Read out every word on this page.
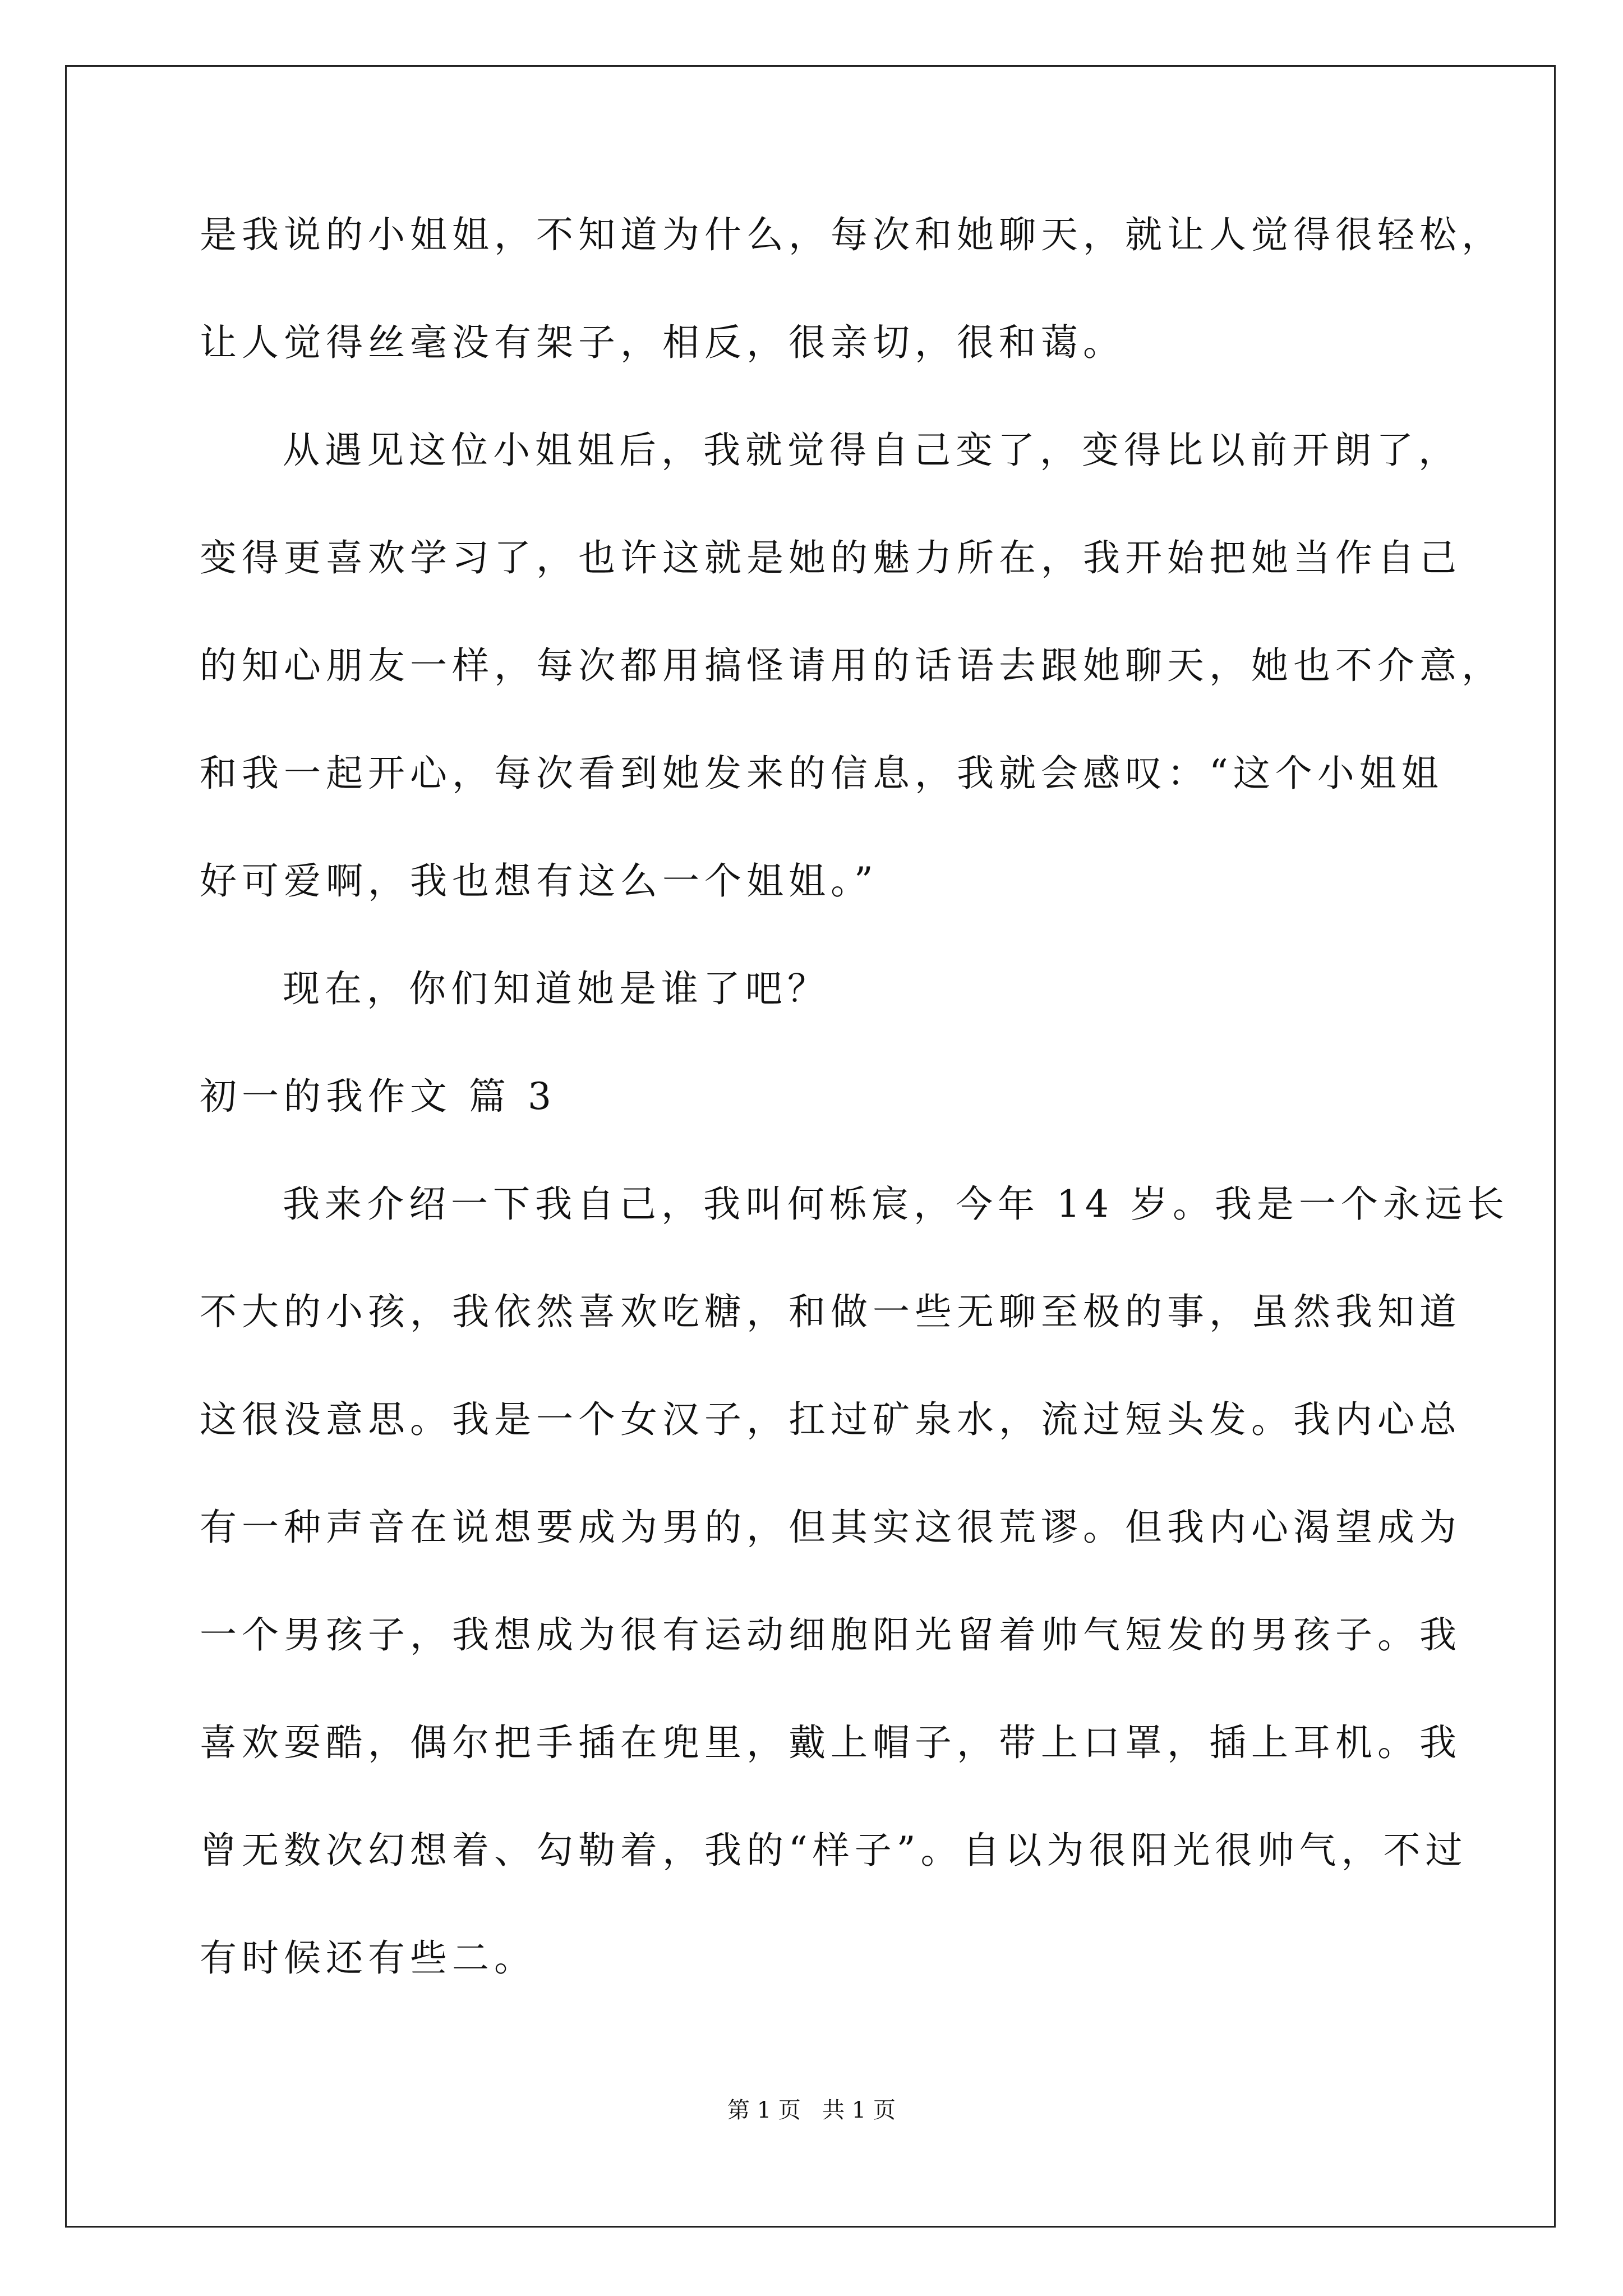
是我说的小姐姐，不知道为什么，每次和她聊天，就让人觉得很轻松，
让人觉得丝毫没有架子，相反，很亲切，很和蔼。
从遇见这位小姐姐后，我就觉得自己变了，变得比以前开朗了，
变得更喜欢学习了，也许这就是她的魅力所在，我开始把她当作自己
的知心朋友一样，每次都用搞怪请用的话语去跟她聊天，她也不介意，
和我一起开心，每次看到她发来的信息，我就会感叹：“这个小姐姐
好可爱啊，我也想有这么一个姐姐。”
现在，你们知道她是谁了吧？
初一的我作文 篇 3
我来介绍一下我自己，我叫何栎宸，今年 14 岁。我是一个永远长
不大的小孩，我依然喜欢吃糖，和做一些无聊至极的事，虽然我知道
这很没意思。我是一个女汉子，扛过矿泉水，流过短头发。我内心总
有一种声音在说想要成为男的，但其实这很荒谬。但我内心渴望成为
一个男孩子，我想成为很有运动细胞阳光留着帅气短发的男孩子。我
喜欢耍酷，偶尔把手插在兜里，戴上帽子，带上口罩，插上耳机。我
曾无数次幻想着、勾勒着，我的“样子”。自以为很阳光很帅气，不过
有时候还有些二。
第 1 页   共 1 页
